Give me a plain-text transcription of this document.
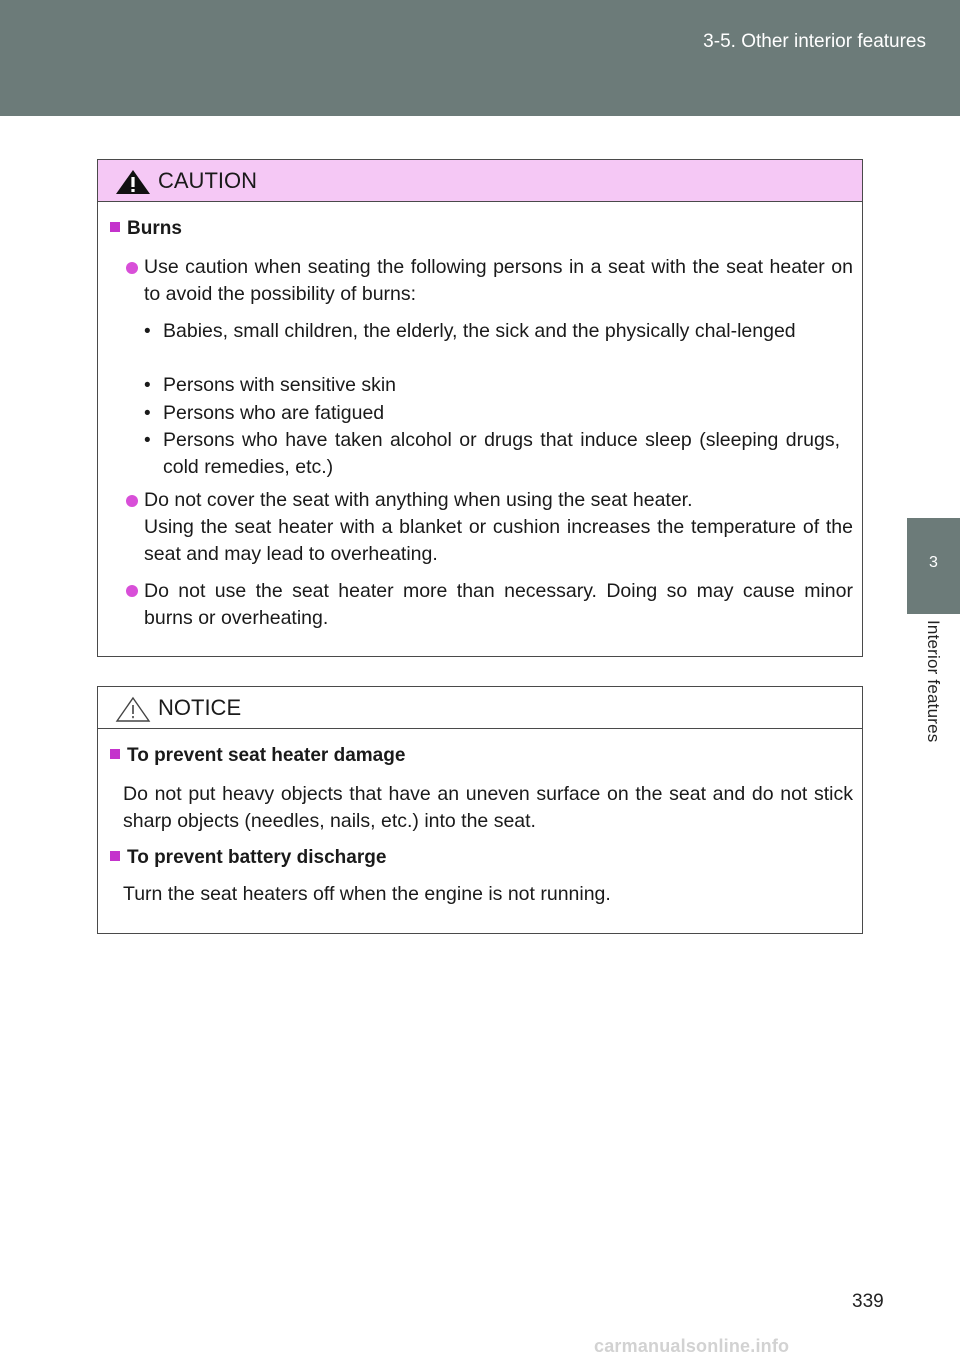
3-5. Other interior features
3
Interior features
CAUTION
Burns
Use caution when seating the following persons in a seat with the seat heater on to avoid the possibility of burns:
• Babies, small children, the elderly, the sick and the physically chal-lenged
• Persons with sensitive skin
• Persons who are fatigued
• Persons who have taken alcohol or drugs that induce sleep (sleeping drugs, cold remedies, etc.)
Do not cover the seat with anything when using the seat heater.
Using the seat heater with a blanket or cushion increases the temperature of the seat and may lead to overheating.
Do not use the seat heater more than necessary. Doing so may cause minor burns or overheating.
NOTICE
To prevent seat heater damage
Do not put heavy objects that have an uneven surface on the seat and do not stick sharp objects (needles, nails, etc.) into the seat.
To prevent battery discharge
Turn the seat heaters off when the engine is not running.
339
carmanualsonline.info
